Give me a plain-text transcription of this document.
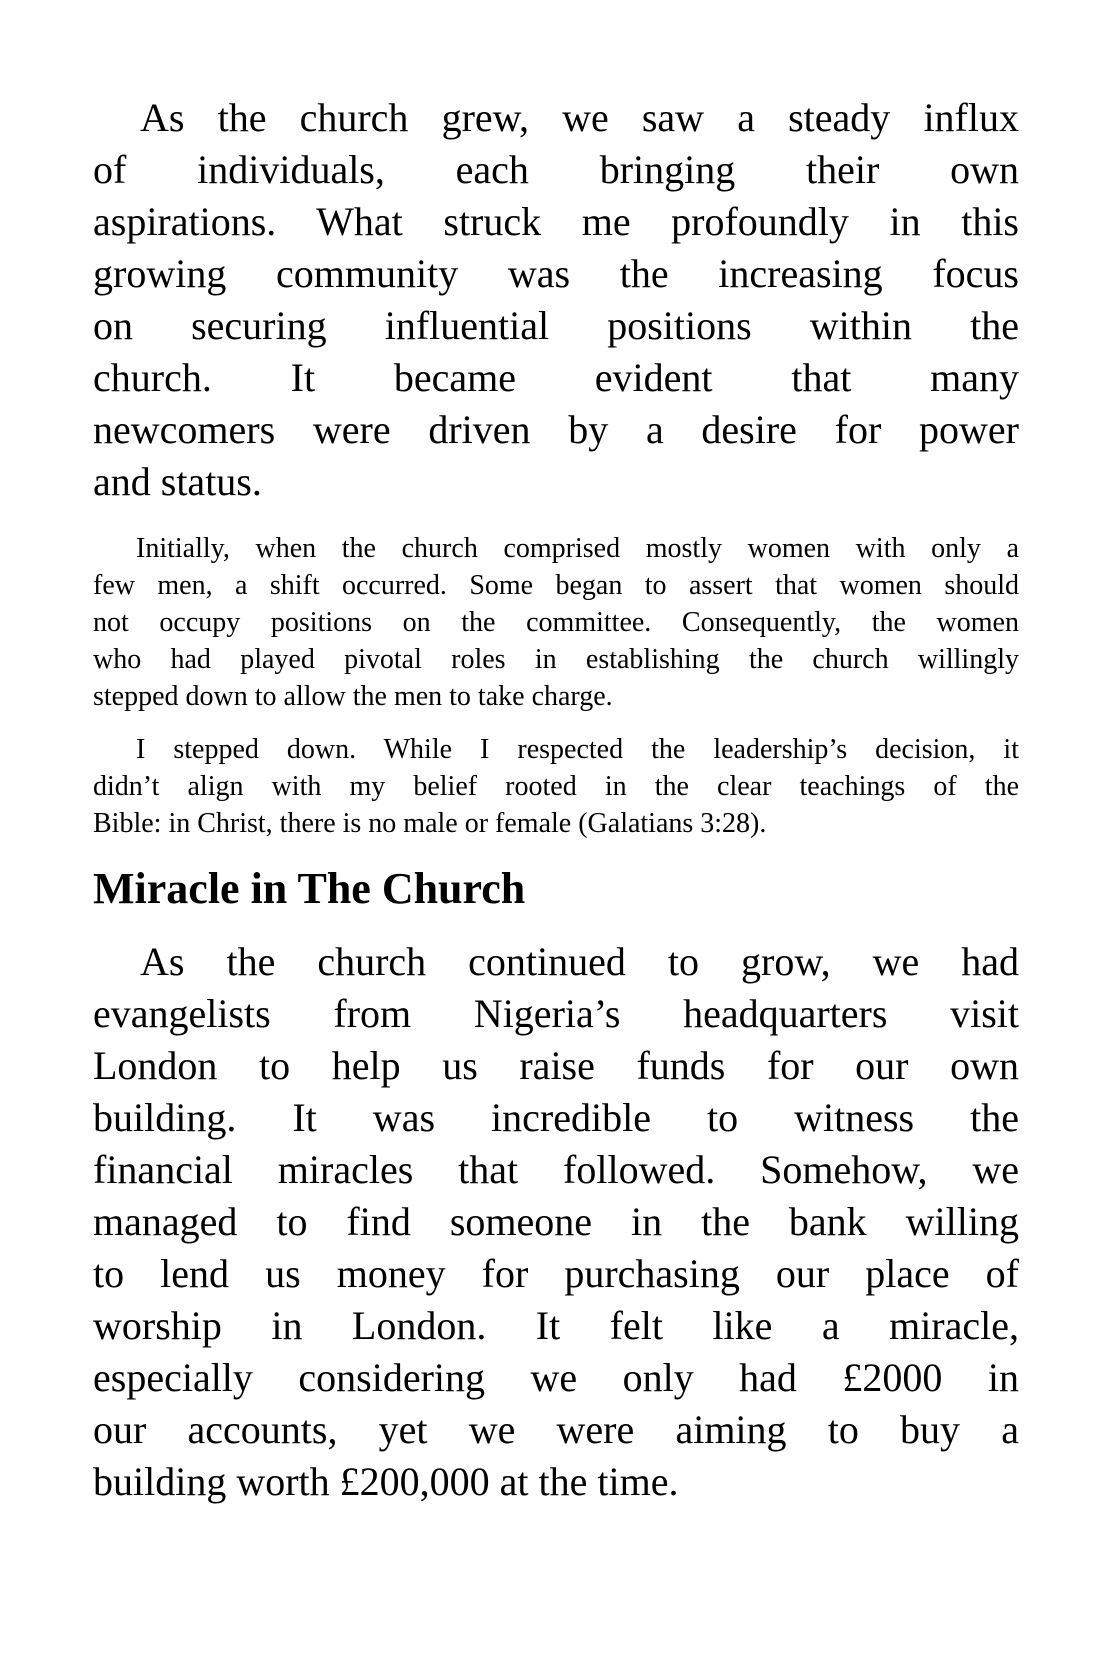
As the church grew, we saw a steady influx
of individuals, each bringing their own
aspirations. What struck me profoundly in this
growing community was the increasing focus
on securing influential positions within the
church. It became evident that many
newcomers were driven by a desire for power
and status.

Initially, when the church comprised mostly women with only a
few men, a shift occurred. Some began to assert that women should
not occupy positions on the committee. Consequently, the women
who had played pivotal roles in establishing the church willingly
stepped down to allow the men to take charge.

I stepped down. While I respected the leadership’s decision, it
didn’t align with my belief rooted in the clear teachings of the
Bible: in Christ, there is no male or female (Galatians 3:28).

Miracle in The Church

As the church continued to grow, we had
evangelists from Nigeria’s headquarters visit
London to help us raise funds for our own
building. It was incredible to witness the
financial miracles that followed. Somehow, we
managed to find someone in the bank willing
to lend us money for purchasing our place of
worship in London. It felt like a miracle,
especially considering we only had £2000 in
our accounts, yet we were aiming to buy a
building worth £200,000 at the time.
